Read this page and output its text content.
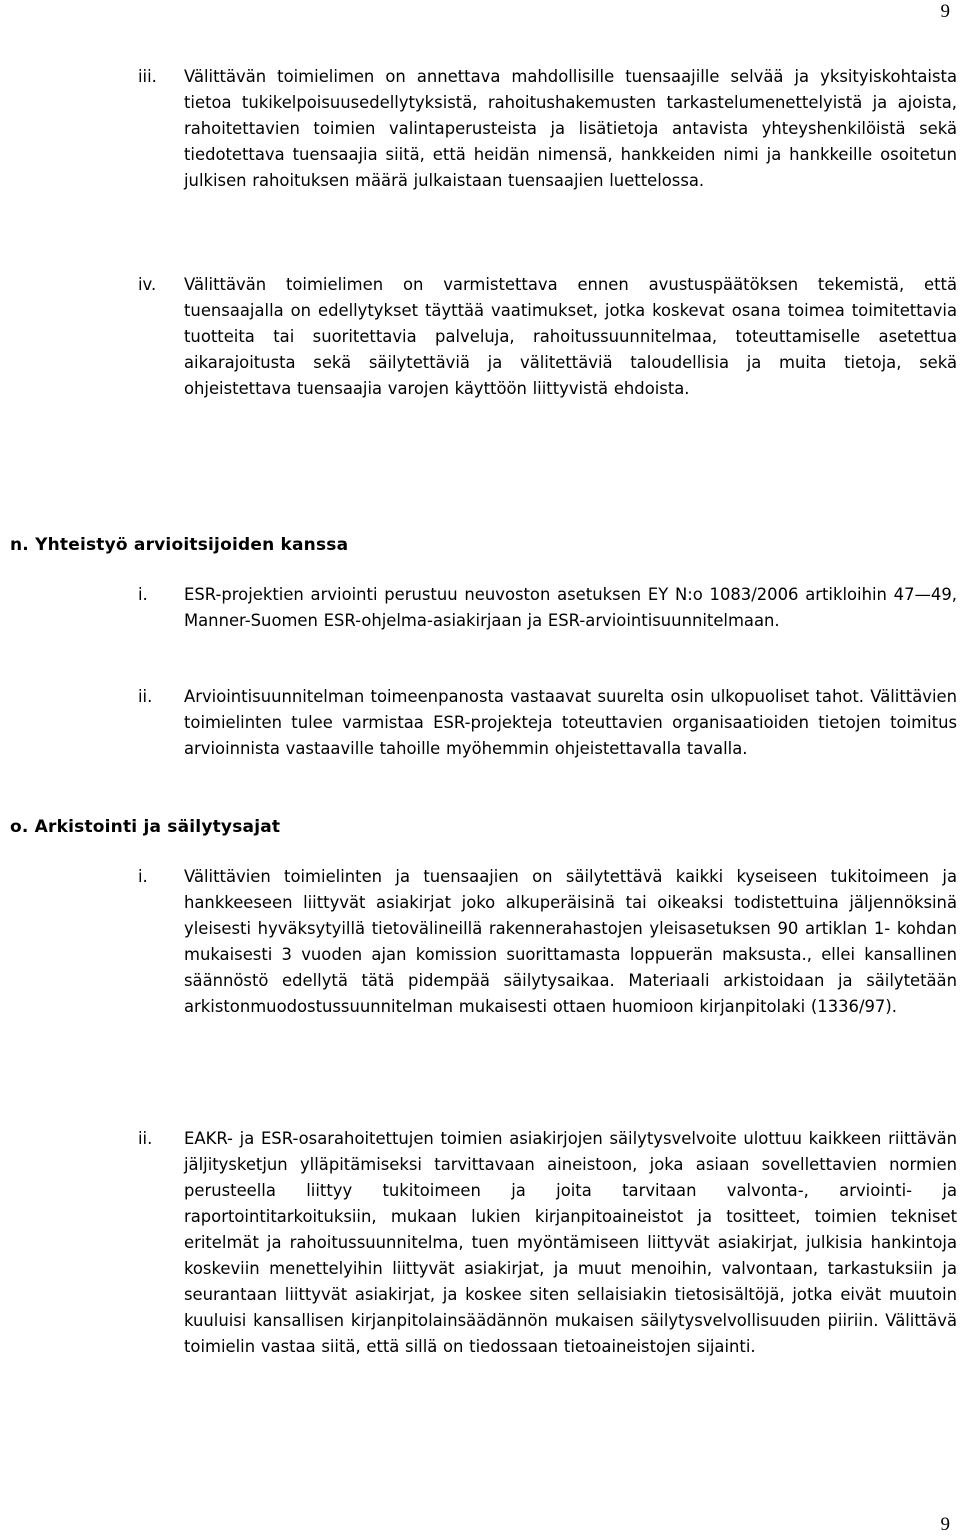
9
iii.	Välittävän toimielimen on annettava mahdollisille tuensaajille selvää ja yksityiskohtaista tietoa tukikelpoisuusedellytyksistä, rahoitushakemusten tarkastelumenettelyistä ja ajoista, rahoitettavien toimien valintaperusteista ja lisätietoja antavista yhteyshenkilöistä sekä tiedotettava tuensaajia siitä, että heidän nimensä, hankkeiden nimi ja hankkeille osoitetun julkisen rahoituksen määrä julkaistaan tuensaajien luettelossa.
iv.	Välittävän toimielimen on varmistettava ennen avustuspäätöksen tekemistä, että tuensaajalla on edellytykset täyttää vaatimukset, jotka koskevat osana toimea toimitettavia tuotteita tai suoritettavia palveluja, rahoitussuunnitelmaa, toteuttamiselle asetettua aikarajoitusta sekä säilytettäviä ja välitettäviä taloudellisia ja muita tietoja, sekä ohjeistettava tuensaajia varojen käyttöön liittyvistä ehdoista.
n. Yhteistyö arvioitsijoiden kanssa
i.	ESR-projektien arviointi perustuu neuvoston asetuksen EY N:o 1083/2006 artikloihin 47—49, Manner-Suomen ESR-ohjelma-asiakirjaan ja ESR-arviointisuunnitelmaan.
ii.	Arviointisuunnitelman toimeenpanosta vastaavat suurelta osin ulkopuoliset tahot. Välittävien toimielinten tulee varmistaa ESR-projekteja toteuttavien organisaatioiden tietojen toimitus arvioinnista vastaaville tahoille myöhemmin ohjeistettavalla tavalla.
o. Arkistointi ja säilytysajat
i.	Välittävien toimielinten ja tuensaajien on säilytettävä kaikki kyseiseen tukitoimeen ja hankkeeseen liittyvät asiakirjat joko alkuperäisinä tai oikeaksi todistettuina jäljennöksinä yleisesti hyväksytyillä tietovälineillä rakennerahastojen yleisasetuksen 90 artiklan 1- kohdan mukaisesti 3 vuoden ajan komission suorittamasta loppuerän maksusta., ellei kansallinen säännöstö edellytä tätä pidempää säilytysaikaa. Materiaali arkistoidaan ja säilytetään arkistonmuodostussuunnitelman mukaisesti ottaen huomioon kirjanpitolaki (1336/97).
ii.	EAKR- ja ESR-osarahoitettujen toimien asiakirjojen säilytysvelvoite ulottuu kaikkeen riittävän jäljitysketjun ylläpitämiseksi tarvittavaan aineistoon, joka asiaan sovellettavien normien perusteella liittyy tukitoimeen ja joita tarvitaan valvonta-, arviointi- ja raportointitarkoituksiin, mukaan lukien kirjanpitoaineistot ja tositteet, toimien tekniset eritelmät ja rahoitussuunnitelma, tuen myöntämiseen liittyvät asiakirjat, julkisia hankintoja koskeviin menettelyihin liittyvät asiakirjat, ja muut menoihin, valvontaan, tarkastuksiin ja seurantaan liittyvät asiakirjat, ja koskee siten sellaisiakin tietosisältöjä, jotka eivät muutoin kuuluisi kansallisen kirjanpitolainsäädännön mukaisen säilytysvelvollisuuden piiriin. Välittävä toimielin vastaa siitä, että sillä on tiedossaan tietoaineistojen sijainti.
9
